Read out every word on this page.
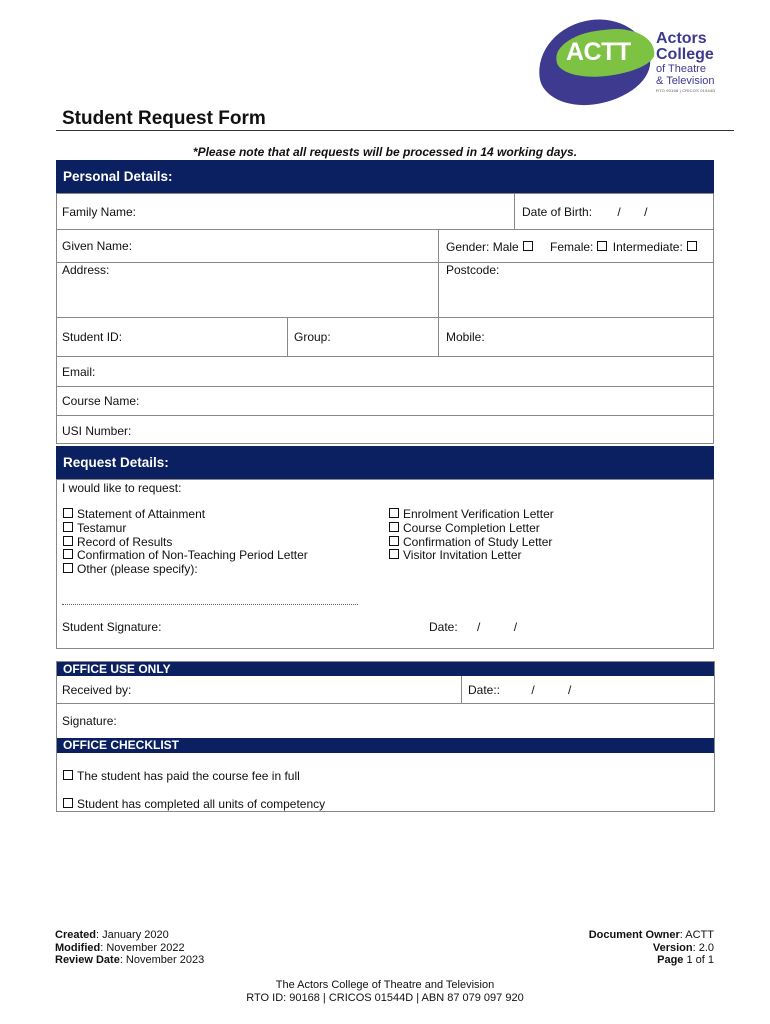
ACTT Actors
College
of Theatre
& Television
RTO 90168 | CRICOS 01544D
Student Request Form
*Please note that all requests will be processed in 14 working days.
Personal Details:
Family Name:	Date of Birth: / /
Given Name:	Gender: Male	Female: Intermediate:
Address:	Postcode:
Student ID:	Group:	Mobile:
Email:
Course Name:
USI Number:
Request Details:
I would like to request:
Statement of Attainment
Testamur
Record of Results
Confirmation of Non-Teaching Period Letter
Other (please specify):
Enrolment Verification Letter
Course Completion Letter
Confirmation of Study Letter
Visitor Invitation Letter
Student Signature:	Date: /	/
OFFICE USE ONLY
Received by:	Date::	/	/
Signature:
OFFICE CHECKLIST
The student has paid the course fee in full
Student has completed all units of competency
Created: January 2020
Modified: November 2022
Review Date: November 2023
Document Owner: ACTT
Version: 2.0
Page 1 of 1
The Actors College of Theatre and Television
RTO ID: 90168 | CRICOS 01544D | ABN 87 079 097 920
